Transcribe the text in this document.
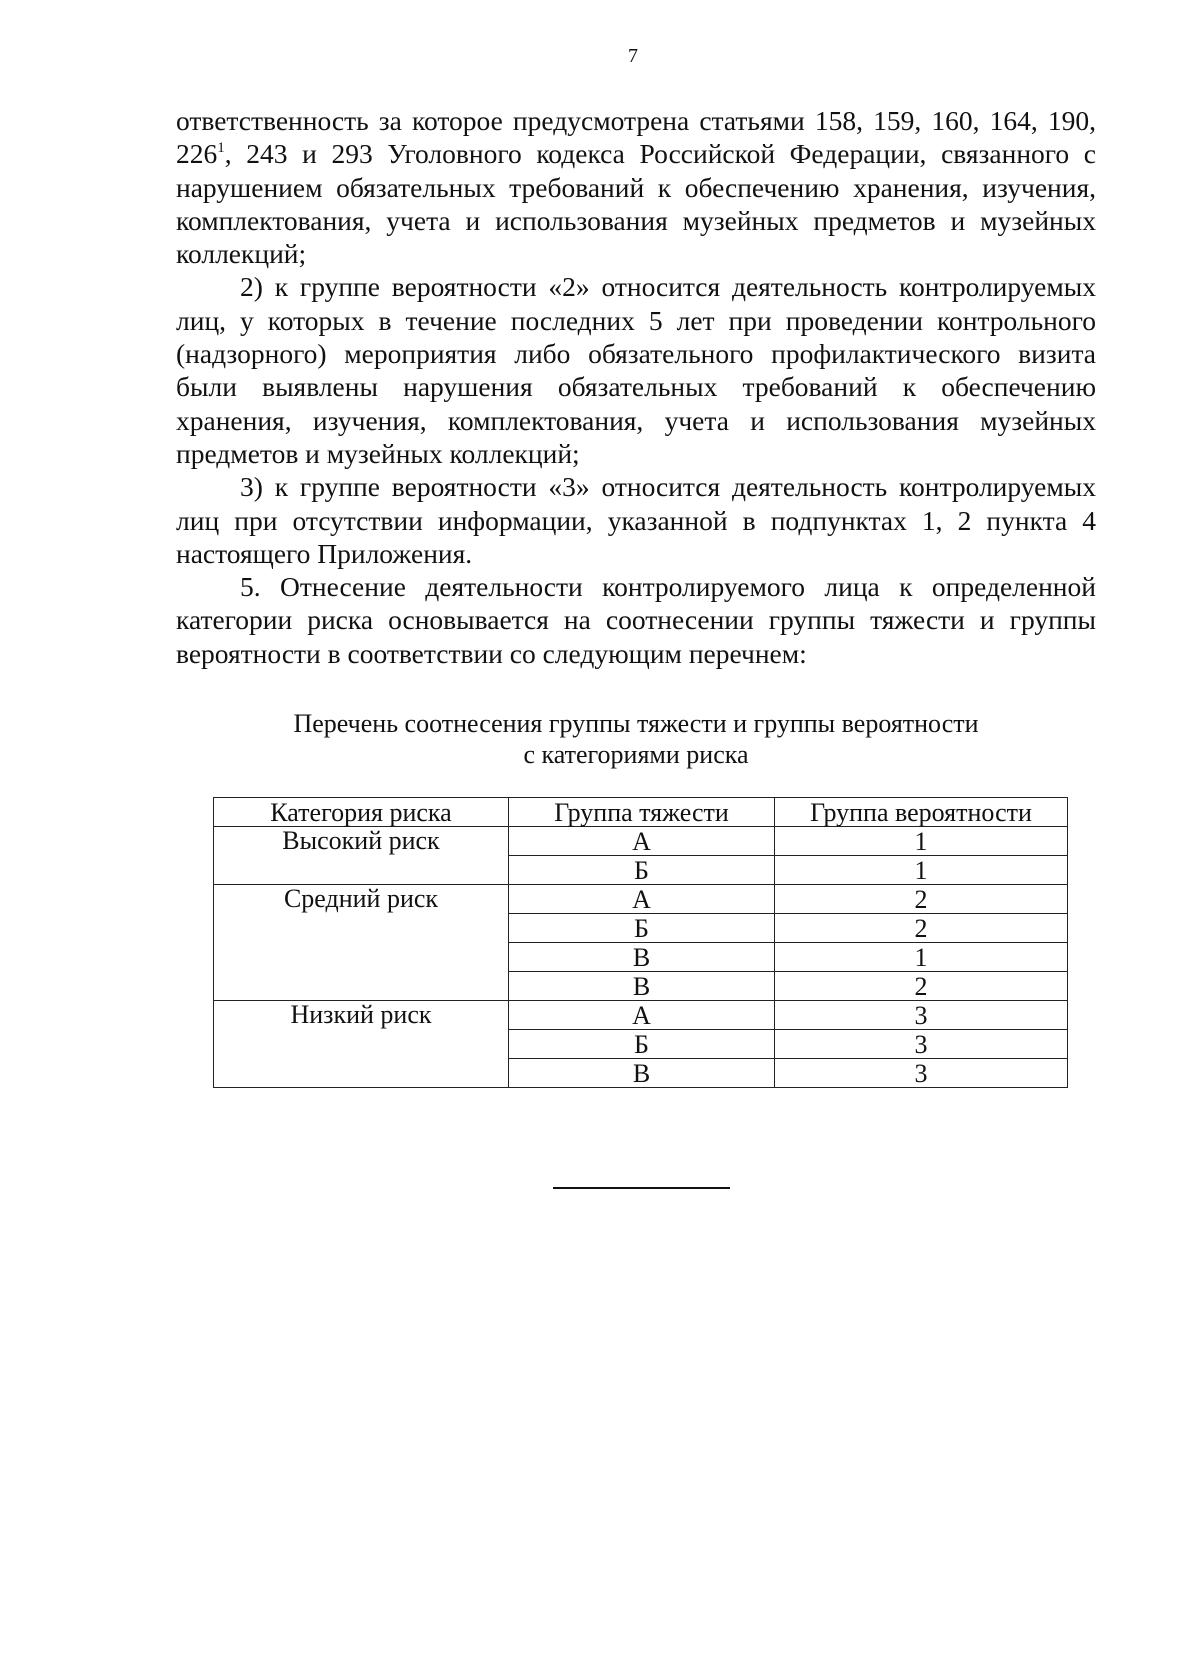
7

ответственность за которое предусмотрена статьями 158, 159, 160, 164, 190, $226^1$, 243 и 293 Уголовного кодекса Российской Федерации, связанного с нарушением обязательных требований к обеспечению хранения, изучения, комплектования, учета и использования музейных предметов и музейных коллекций;

2) к группе вероятности «2» относится деятельность контролируемых лиц, у которых в течение последних 5 лет при проведении контрольного (надзорного) мероприятия либо обязательного профилактического визита были выявлены нарушения обязательных требований к обеспечению хранения, изучения, комплектования, учета и использования музейных предметов и музейных коллекций;

3) к группе вероятности «3» относится деятельность контролируемых лиц при отсутствии информации, указанной в подпунктах 1, 2 пункта 4 настоящего Приложения.

5. Отнесение деятельности контролируемого лица к определенной категории риска основывается на соотнесении группы тяжести и группы вероятности в соответствии со следующим перечнем:

Перечень соотнесения группы тяжести и группы вероятности
с категориями риска
Категория риска	Группа тяжести	Группа вероятности
Высокий риск	А	1
	Б	1
Средний риск	А	2
	Б	2
	В	1
	В	2
Низкий риск	А	3
	Б	3
	В	3
